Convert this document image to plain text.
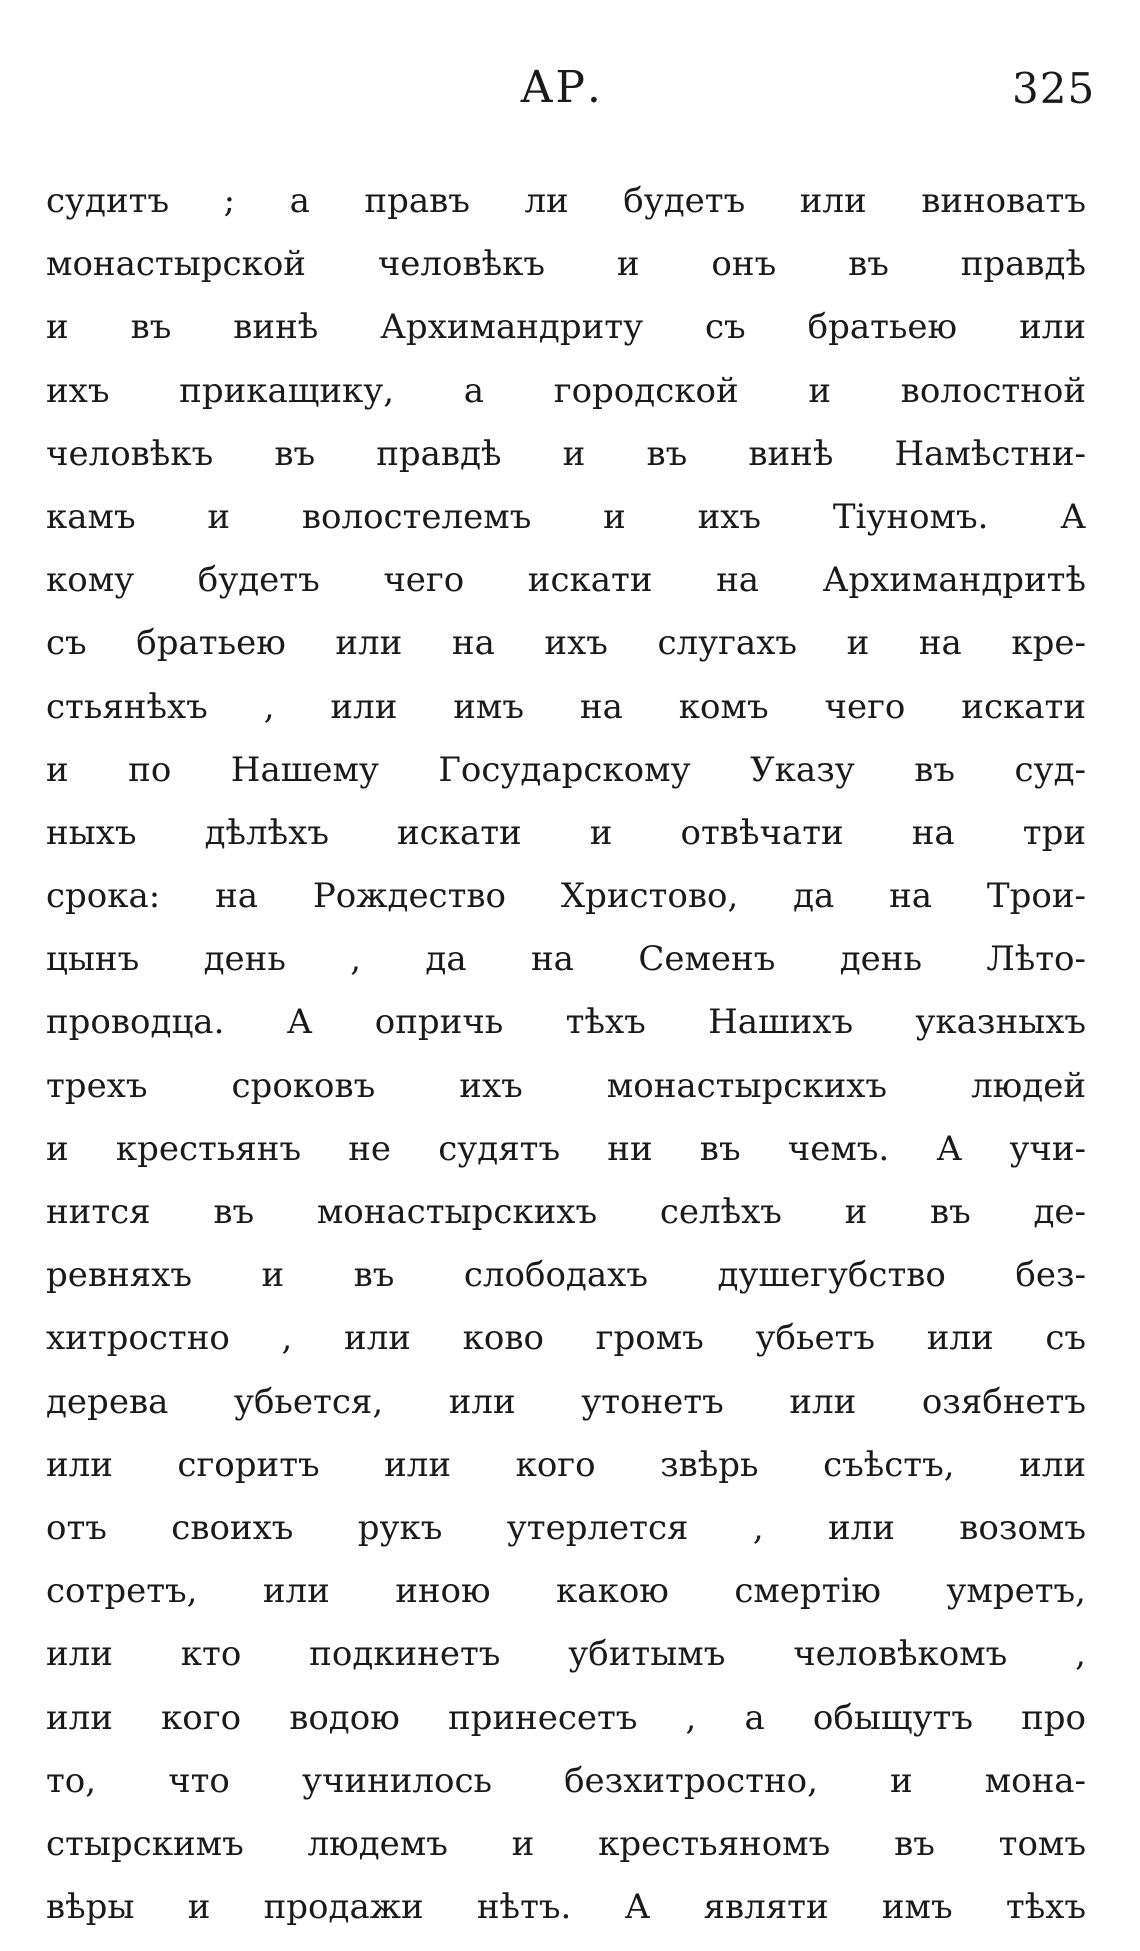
АР.	325
судитъ ; а правъ ли будетъ или виноватъ
монастырской человѣкъ и онъ въ правдѣ
и въ винѣ Архимандриту съ братьею или
ихъ прикащику, а городской и волостной
человѣкъ въ правдѣ и въ винѣ Намѣстни-
камъ и волостелемъ и ихъ Тіуномъ. А
кому будетъ чего искати на Архимандритѣ
съ братьею или на ихъ слугахъ и на кре-
стьянѣхъ , или имъ на комъ чего искати
и по Нашему Государскому Указу въ суд-
ныхъ дѣлѣхъ искати и отвѣчати на три
срока: на Рождество Христово, да на Трои-
цынъ день , да на Семенъ день Лѣто-
проводца. А опричь тѣхъ Нашихъ указныхъ
трехъ сроковъ ихъ монастырскихъ людей
и крестьянъ не судятъ ни въ чемъ. А учи-
нится въ монастырскихъ селѣхъ и въ де-
ревняхъ и въ слободахъ душегубство без-
хитростно , или ково громъ убьетъ или съ
дерева убьется, или утонетъ или озябнетъ
или сгоритъ или кого звѣрь съѣстъ, или
отъ своихъ рукъ утерлется , или возомъ
сотретъ, или иною какою смертію умретъ,
или кто подкинетъ убитымъ человѣкомъ ,
или кого водою принесетъ , а обыщутъ про
то, что учинилось безхитростно, и мона-
стырскимъ людемъ и крестьяномъ въ томъ
вѣры и продажи нѣтъ. А являти имъ тѣхъ
